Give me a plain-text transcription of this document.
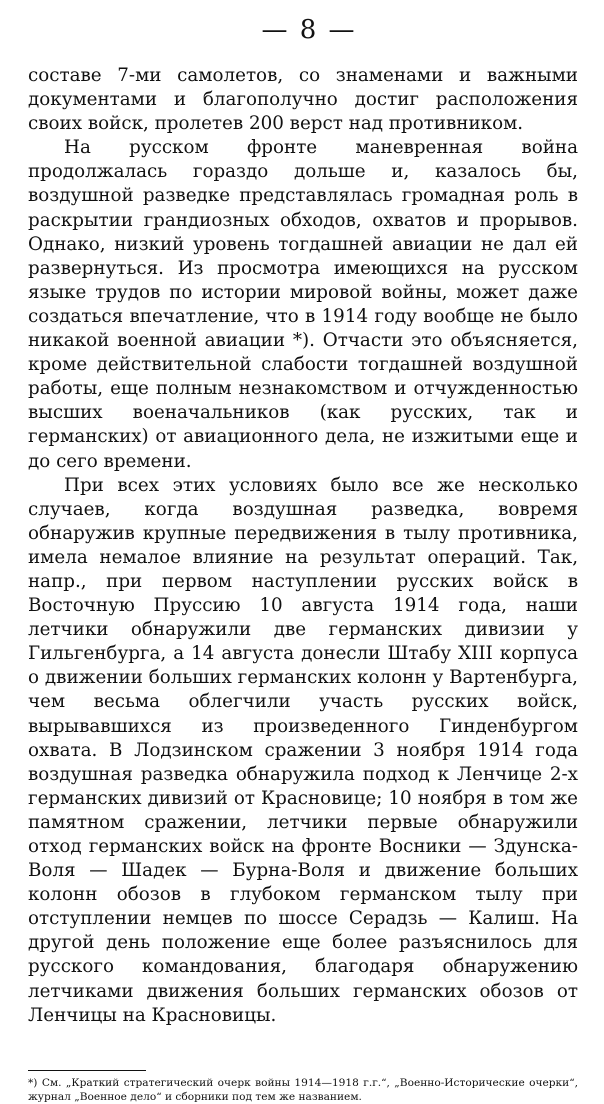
— 8 —

составе 7-ми самолетов, со знаменами и важными документами и благополучно достиг расположения своих войск, пролетев 200 верст над противником.

На русском фронте маневренная война продолжалась гораздо дольше и, казалось бы, воздушной разведке представлялась громадная роль в раскрытии грандиозных обходов, охватов и прорывов. Однако, низкий уровень тогдашней авиации не дал ей развернуться. Из просмотра имеющихся на русском языке трудов по истории мировой войны, может даже создаться впечатление, что в 1914 году вообще не было никакой военной авиации *). Отчасти это объясняется, кроме действительной слабости тогдашней воздушной работы, еще полным незнакомством и отчужденностью высших военачальников (как русских, так и германских) от авиационного дела, не изжитыми еще и до сего времени.

При всех этих условиях было все же несколько случаев, когда воздушная разведка, вовремя обнаружив крупные передвижения в тылу противника, имела немалое влияние на результат операций. Так, напр., при первом наступлении русских войск в Восточную Пруссию 10 августа 1914 года, наши летчики обнаружили две германских дивизии у Гильгенбурга, а 14 августа донесли Штабу XIII корпуса о движении больших германских колонн у Вартенбурга, чем весьма облегчили участь русских войск, вырывавшихся из произведенного Гинденбургом охвата. В Лодзинском сражении 3 ноября 1914 года воздушная разведка обнаружила подход к Ленчице 2-х германских дивизий от Красновице; 10 ноября в том же памятном сражении, летчики первые обнаружили отход германских войск на фронте Восники — Здунска-Воля — Шадек — Бурна-Воля и движение больших колонн обозов в глубоком германском тылу при отступлении немцев по шоссе Серадзь — Калиш. На другой день положение еще более разъяснилось для русского командования, благодаря обнаружению летчиками движения больших германских обозов от Ленчицы на Красновицы.

*) См. „Краткий стратегический очерк войны 1914—1918 г.г.“, „Военно-Исторические очерки“, журнал „Военное дело“ и сборники под тем же названием.
